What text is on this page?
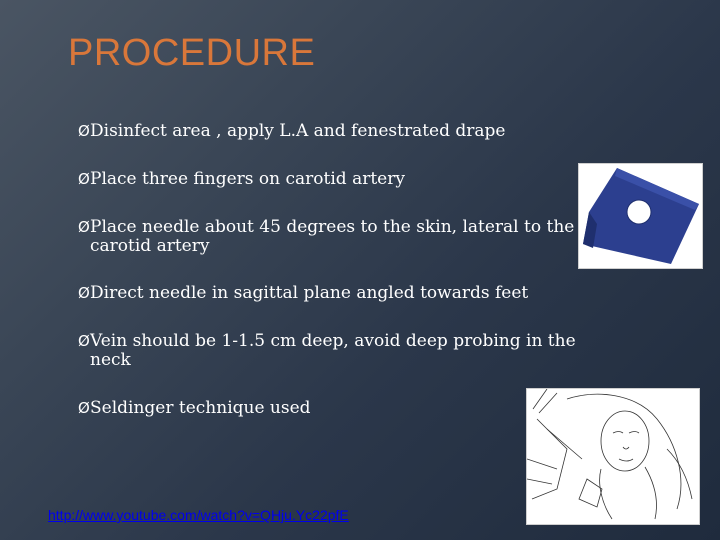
PROCEDURE
Ø Disinfect area , apply L.A and fenestrated drape
Ø Place three fingers on carotid artery
Ø Place needle about 45 degrees to the skin, lateral to the carotid artery
Ø Direct needle in sagittal plane angled towards feet
Ø Vein should be 1-1.5 cm deep, avoid deep probing in the neck
Ø Seldinger technique used
http://www.youtube.com/watch?v=QHju.Yc22pfE
